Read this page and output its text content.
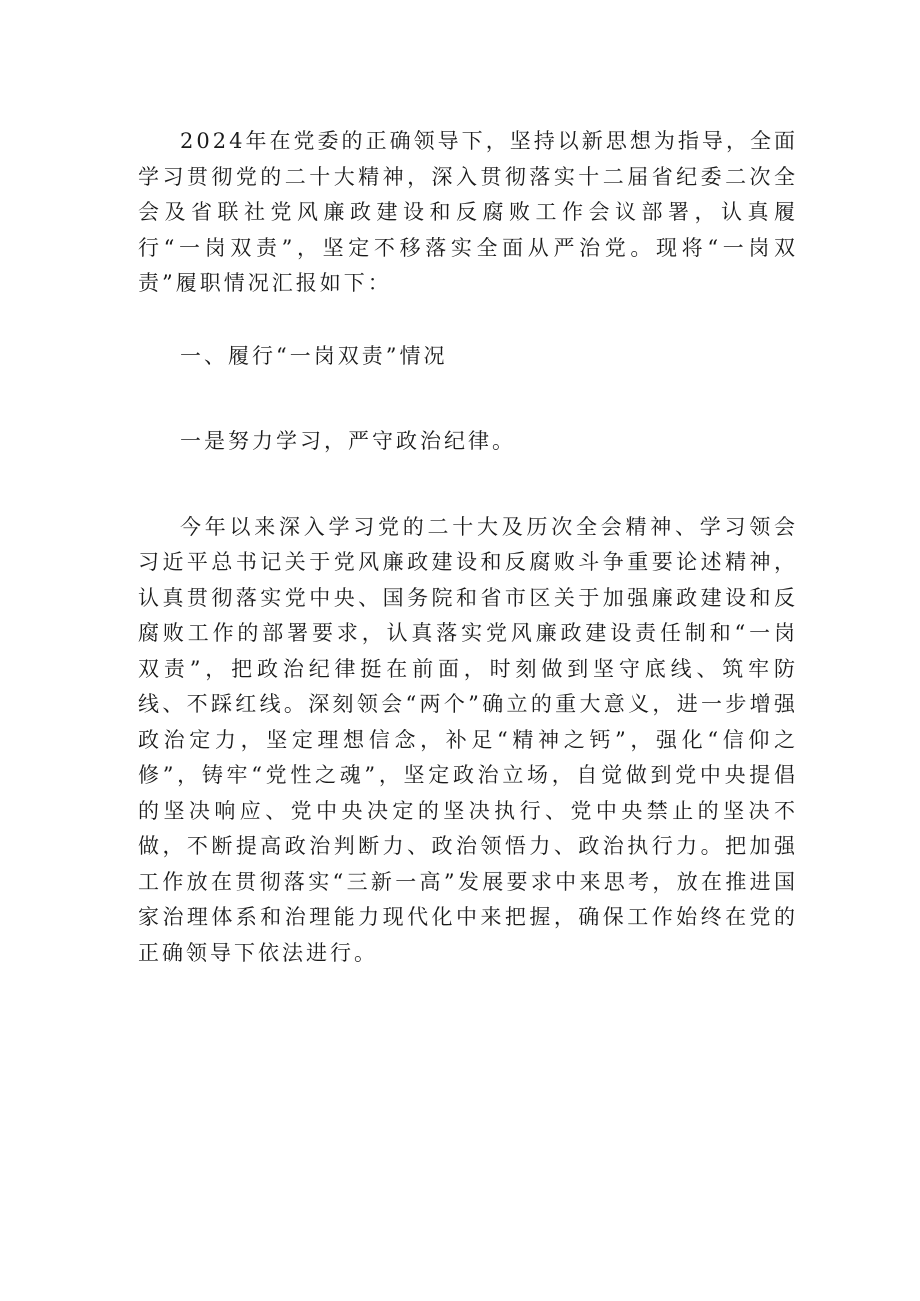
2024年在党委的正确领导下，坚持以新思想为指导，全面学习贯彻党的二十大精神，深入贯彻落实十二届省纪委二次全会及省联社党风廉政建设和反腐败工作会议部署，认真履行“一岗双责”，坚定不移落实全面从严治党。现将“一岗双责”履职情况汇报如下：

一、履行“一岗双责”情况

一是努力学习，严守政治纪律。

今年以来深入学习党的二十大及历次全会精神、学习领会习近平总书记关于党风廉政建设和反腐败斗争重要论述精神，认真贯彻落实党中央、国务院和省市区关于加强廉政建设和反腐败工作的部署要求，认真落实党风廉政建设责任制和“一岗双责”，把政治纪律挺在前面，时刻做到坚守底线、筑牢防线、不踩红线。深刻领会“两个”确立的重大意义，进一步增强政治定力，坚定理想信念，补足“精神之钙”，强化“信仰之修”，铸牢“党性之魂”，坚定政治立场，自觉做到党中央提倡的坚决响应、党中央决定的坚决执行、党中央禁止的坚决不做，不断提高政治判断力、政治领悟力、政治执行力。把加强工作放在贯彻落实“三新一高”发展要求中来思考，放在推进国家治理体系和治理能力现代化中来把握，确保工作始终在党的正确领导下依法进行。
